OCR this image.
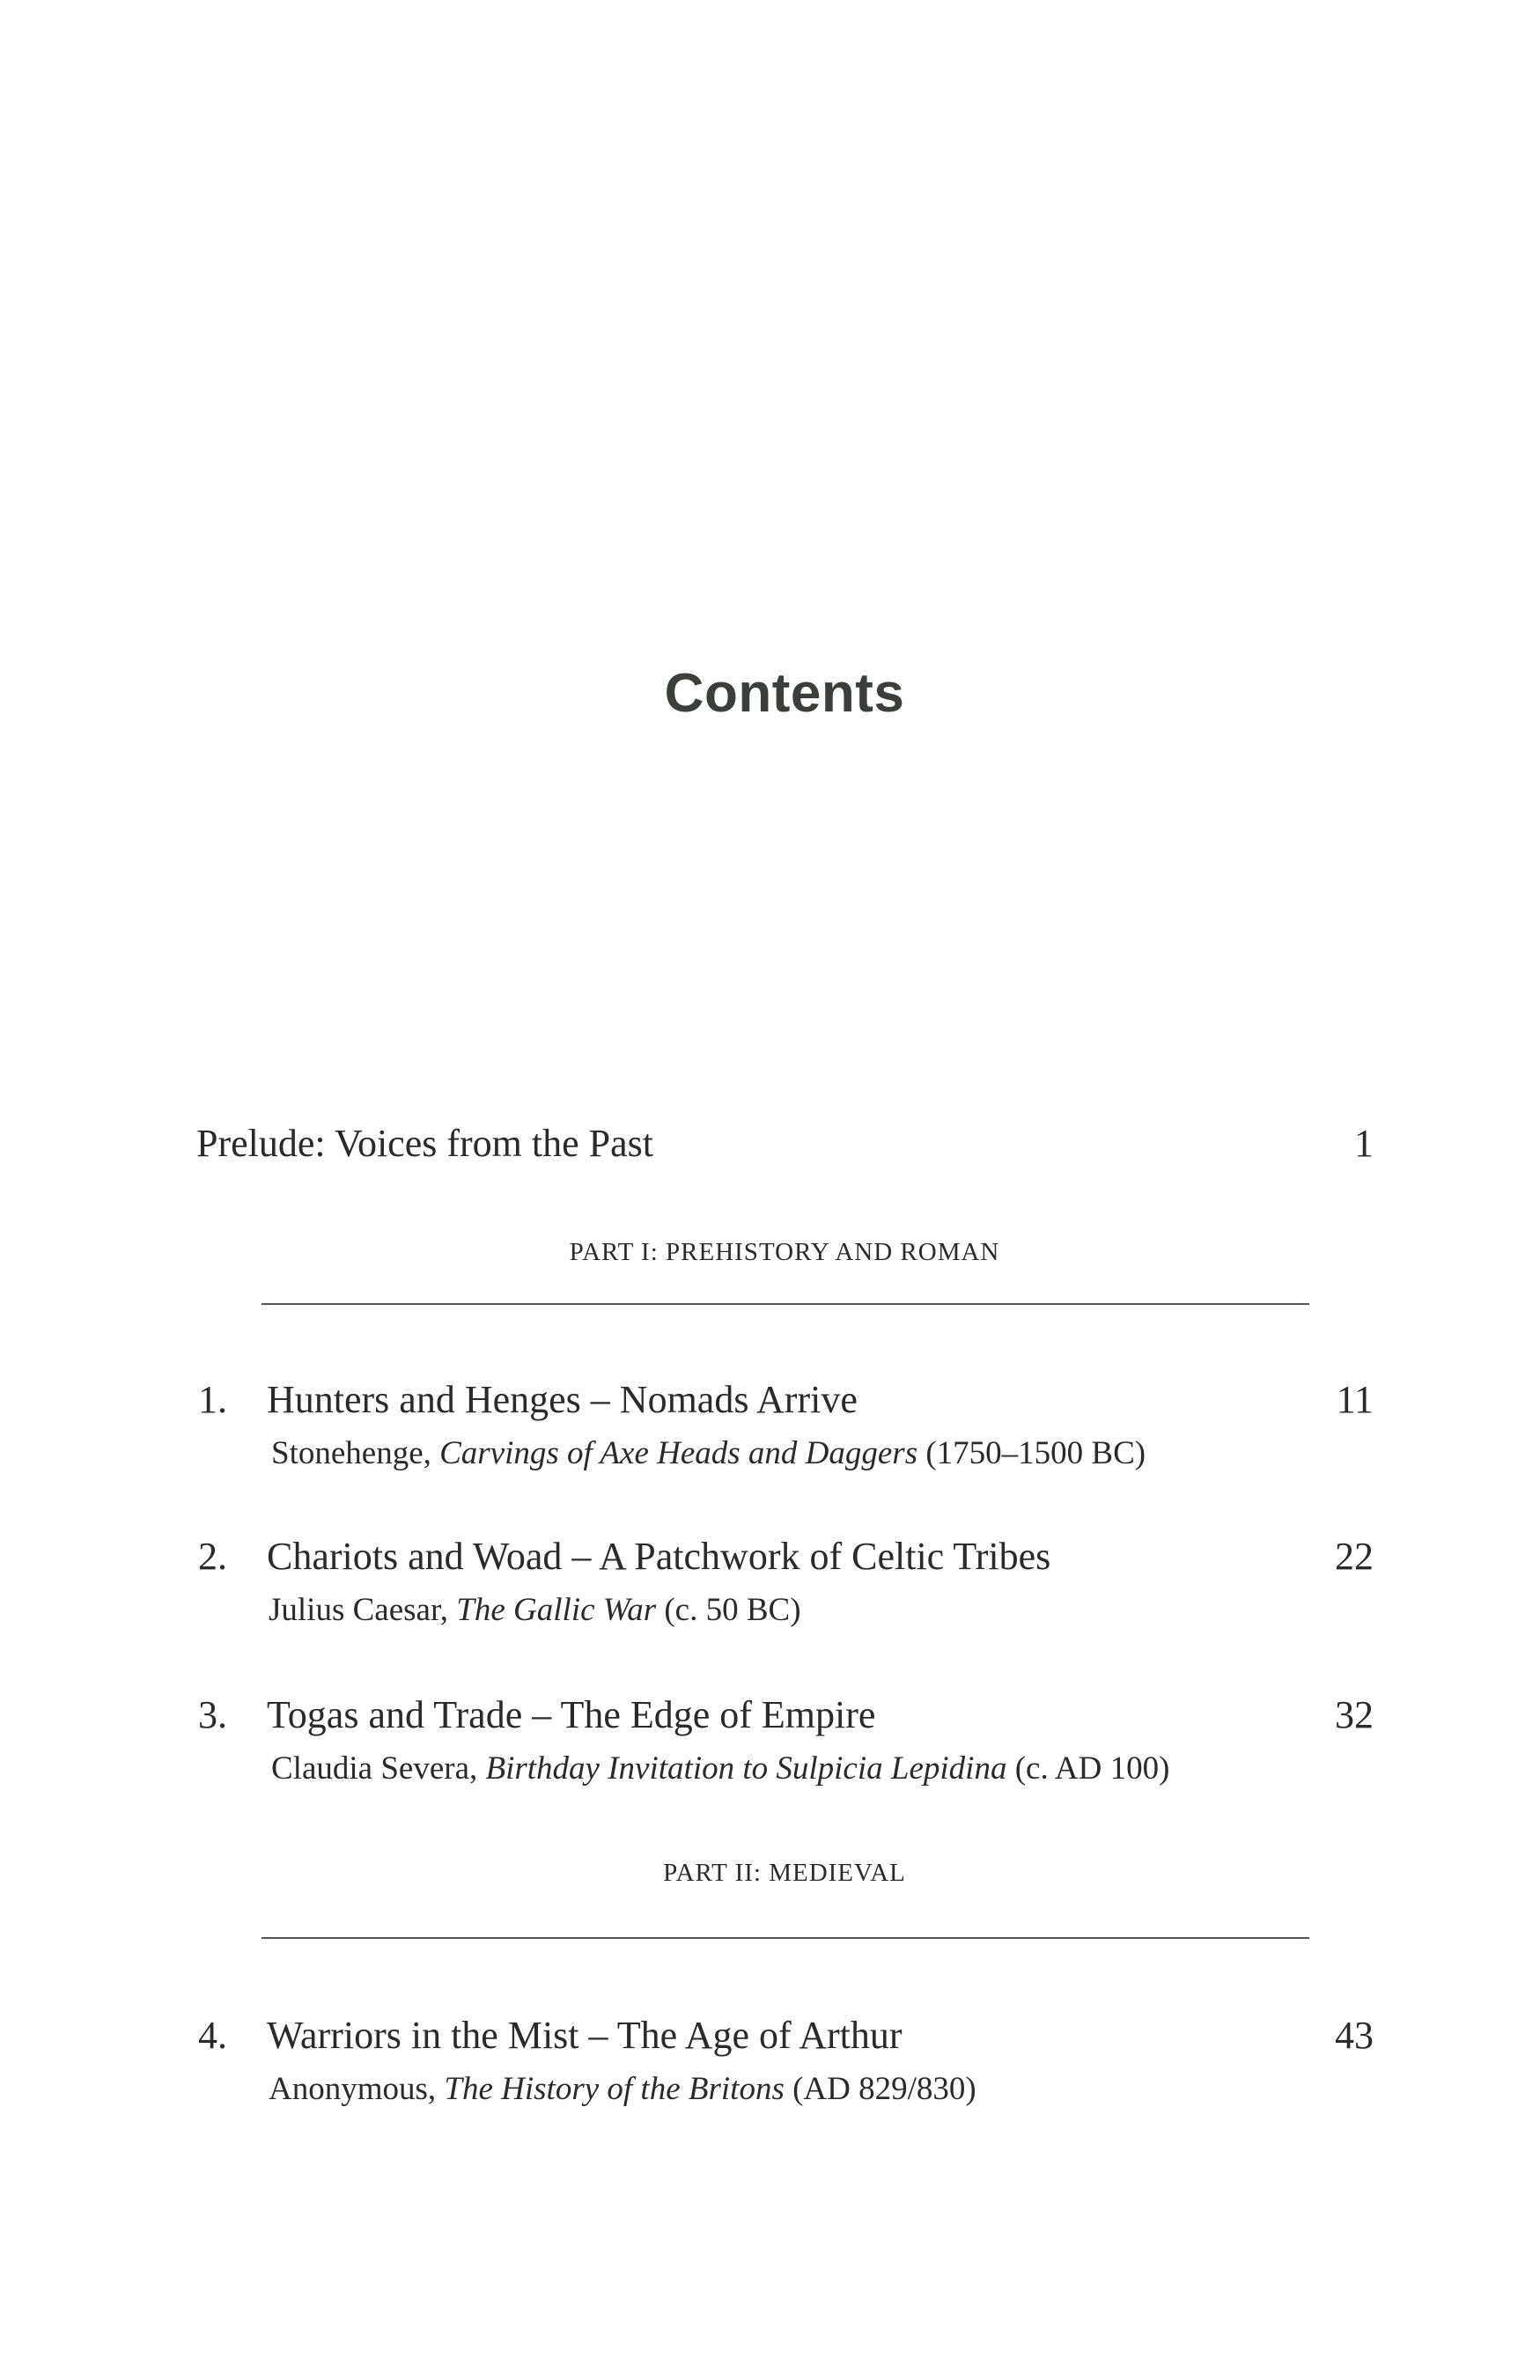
Contents
Prelude: Voices from the Past	1
PART I: PREHISTORY AND ROMAN
1. Hunters and Henges – Nomads Arrive	11
Stonehenge, Carvings of Axe Heads and Daggers (1750–1500 BC)
2. Chariots and Woad – A Patchwork of Celtic Tribes	22
Julius Caesar, The Gallic War (c. 50 BC)
3. Togas and Trade – The Edge of Empire	32
Claudia Severa, Birthday Invitation to Sulpicia Lepidina (c. AD 100)
PART II: MEDIEVAL
4. Warriors in the Mist – The Age of Arthur	43
Anonymous, The History of the Britons (AD 829/830)
